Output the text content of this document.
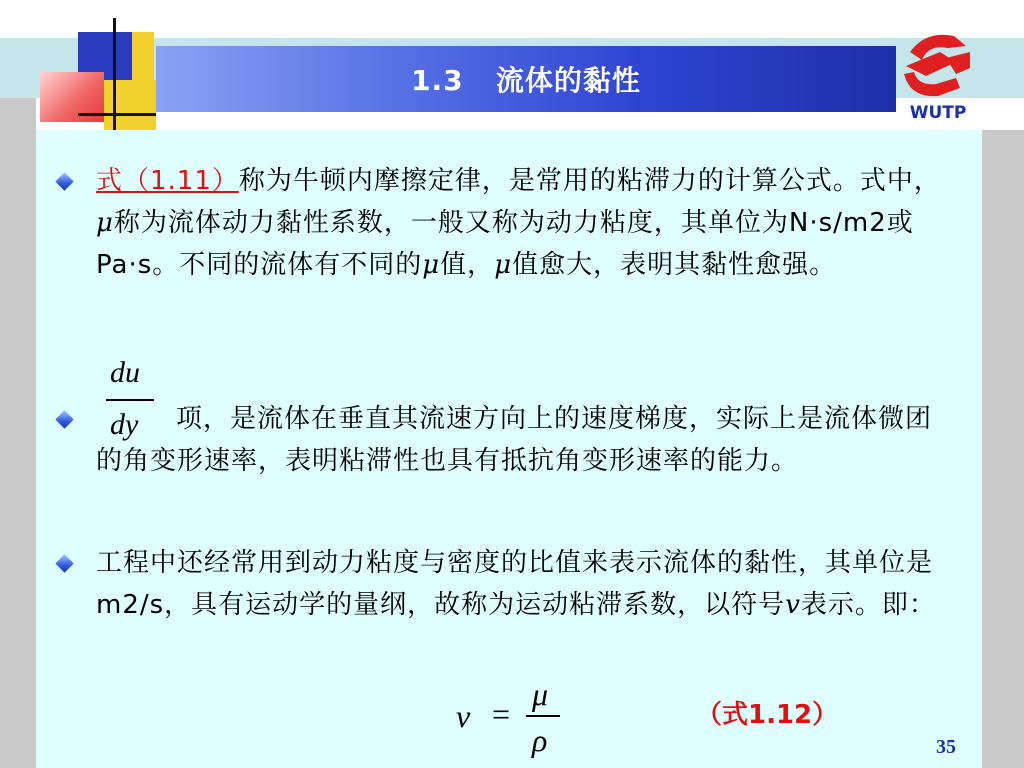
1.3   流体的黏性
WUTP

式（1.11）称为牛顿内摩擦定律，是常用的粘滞力的计算公式。式中，μ称为流体动力黏性系数，一般又称为动力粘度，其单位为N·s/m2或Pa·s。不同的流体有不同的μ值，μ值愈大，表明其黏性愈强。

du
dy	项，是流体在垂直其流速方向上的速度梯度，实际上是流体微团的角变形速率，表明粘滞性也具有抵抗角变形速率的能力。

工程中还经常用到动力粘度与密度的比值来表示流体的黏性，其单位是m2/s，具有运动学的量纲，故称为运动粘滞系数，以符号v表示。即：

ν =
μ
ρ
（式1.12）
35
